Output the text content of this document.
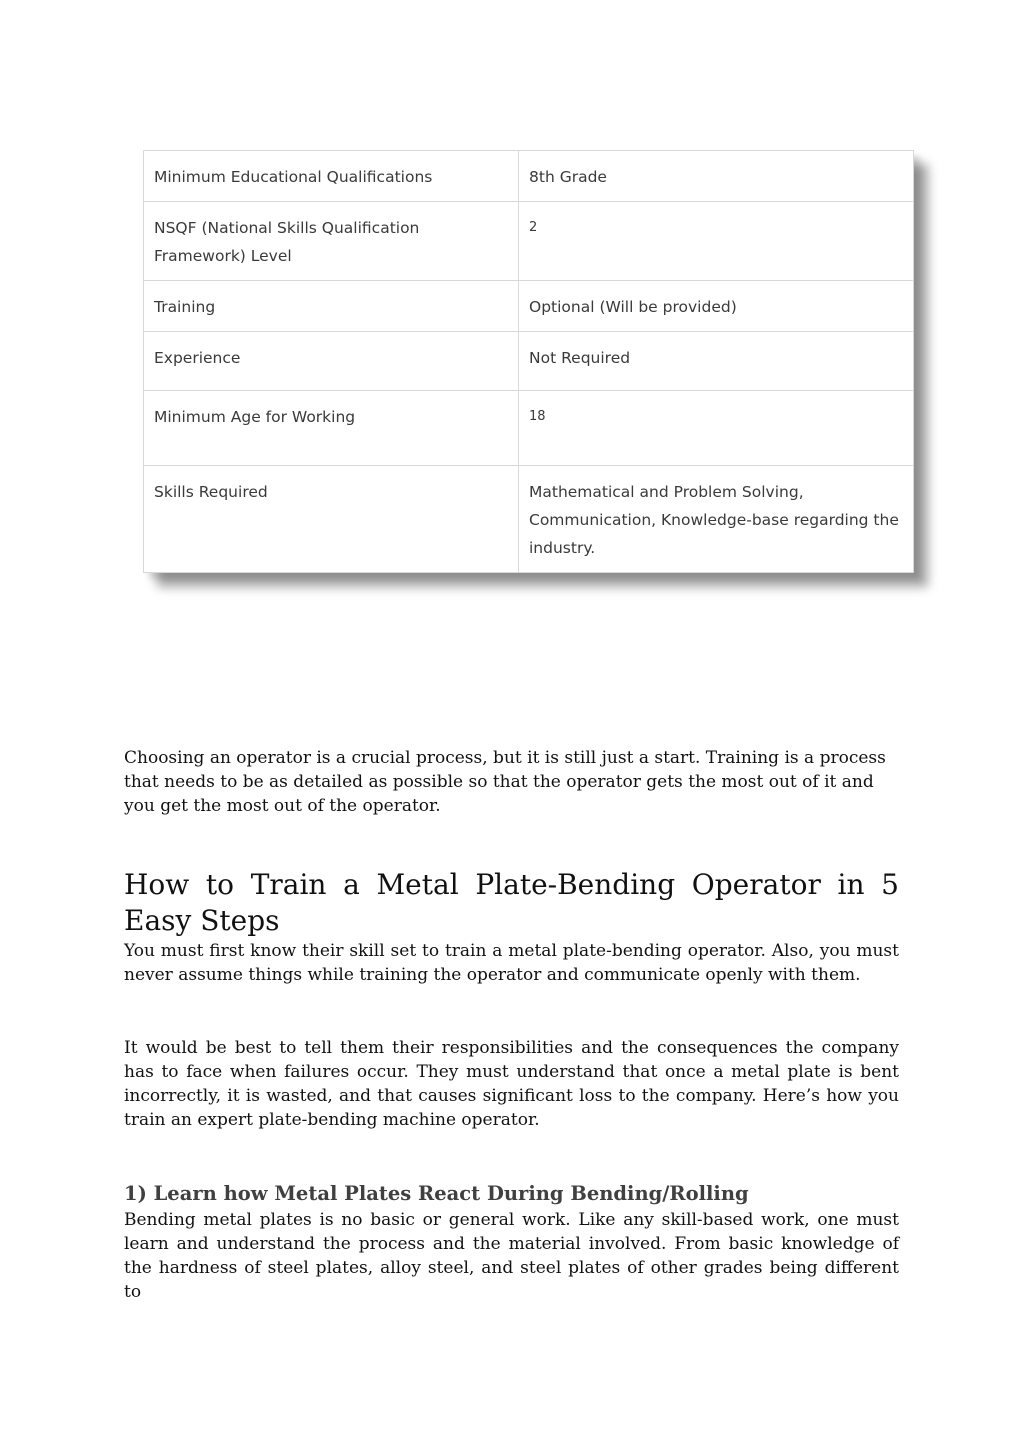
Minimum Educational Qualifications	8th Grade
NSQF (National Skills Qualification Framework) Level	2
Training	Optional (Will be provided)
Experience	Not Required
Minimum Age for Working	18
Skills Required	Mathematical and Problem Solving, Communication, Knowledge-base regarding the industry.

Choosing an operator is a crucial process, but it is still just a start. Training is a process that needs to be as detailed as possible so that the operator gets the most out of it and you get the most out of the operator.

How to Train a Metal Plate-Bending Operator in 5 Easy Steps

You must first know their skill set to train a metal plate-bending operator. Also, you must never assume things while training the operator and communicate openly with them.

It would be best to tell them their responsibilities and the consequences the company has to face when failures occur. They must understand that once a metal plate is bent incorrectly, it is wasted, and that causes significant loss to the company. Here’s how you train an expert plate-bending machine operator.

1) Learn how Metal Plates React During Bending/Rolling

Bending metal plates is no basic or general work. Like any skill-based work, one must learn and understand the process and the material involved. From basic knowledge of the hardness of steel plates, alloy steel, and steel plates of other grades being different to
